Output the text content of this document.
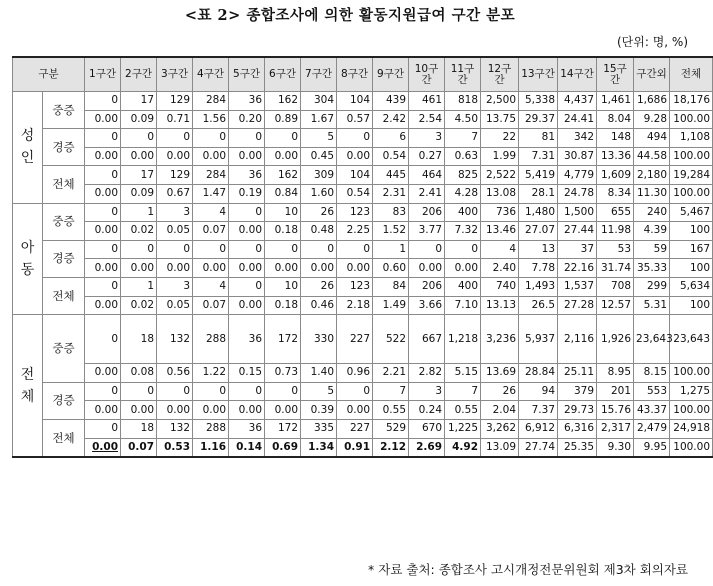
<표 2> 종합조사에 의한 활동지원급여 구간 분포
(단위: 명, %)
구분		1구간	2구간	3구간	4구간	5구간	6구간	7구간	8구간	9구간	10구간	11구간	12구간	13구간	14구간	15구간	구간외	전체
성
인	중증	0	17	129	284	36	162	304	104	439	461	818	2,500	5,338	4,437	1,461	1,686	18,176
		0.00	0.09	0.71	1.56	0.20	0.89	1.67	0.57	2.42	2.54	4.50	13.75	29.37	24.41	8.04	9.28	100.00
	경증	0	0	0	0	0	0	5	0	6	3	7	22	81	342	148	494	1,108
		0.00	0.00	0.00	0.00	0.00	0.00	0.45	0.00	0.54	0.27	0.63	1.99	7.31	30.87	13.36	44.58	100.00
	전체	0	17	129	284	36	162	309	104	445	464	825	2,522	5,419	4,779	1,609	2,180	19,284
		0.00	0.09	0.67	1.47	0.19	0.84	1.60	0.54	2.31	2.41	4.28	13.08	28.1	24.78	8.34	11.30	100.00
아
동	중증	0	1	3	4	0	10	26	123	83	206	400	736	1,480	1,500	655	240	5,467
		0.00	0.02	0.05	0.07	0.00	0.18	0.48	2.25	1.52	3.77	7.32	13.46	27.07	27.44	11.98	4.39	100
	경증	0	0	0	0	0	0	0	0	1	0	0	4	13	37	53	59	167
		0.00	0.00	0.00	0.00	0.00	0.00	0.00	0.00	0.60	0.00	0.00	2.40	7.78	22.16	31.74	35.33	100
	전체	0	1	3	4	0	10	26	123	84	206	400	740	1,493	1,537	708	299	5,634
		0.00	0.02	0.05	0.07	0.00	0.18	0.46	2.18	1.49	3.66	7.10	13.13	26.5	27.28	12.57	5.31	100
전
체	중증	0	18	132	288	36	172	330	227	522	667	1,218	3,236	5,937	2,116	1,926	23,643	23,643
		0.00	0.08	0.56	1.22	0.15	0.73	1.40	0.96	2.21	2.82	5.15	13.69	28.84	25.11	8.95	8.15	100.00
	경증	0	0	0	0	0	0	5	0	7	3	7	26	94	379	201	553	1,275
		0.00	0.00	0.00	0.00	0.00	0.00	0.39	0.00	0.55	0.24	0.55	2.04	7.37	29.73	15.76	43.37	100.00
	전체	0	18	132	288	36	172	335	227	529	670	1,225	3,262	6,912	6,316	2,317	2,479	24,918
		0.00	0.07	0.53	1.16	0.14	0.69	1.34	0.91	2.12	2.69	4.92	13.09	27.74	25.35	9.30	9.95	100.00
* 자료 출처: 종합조사 고시개정전문위원회 제3차 회의자료
